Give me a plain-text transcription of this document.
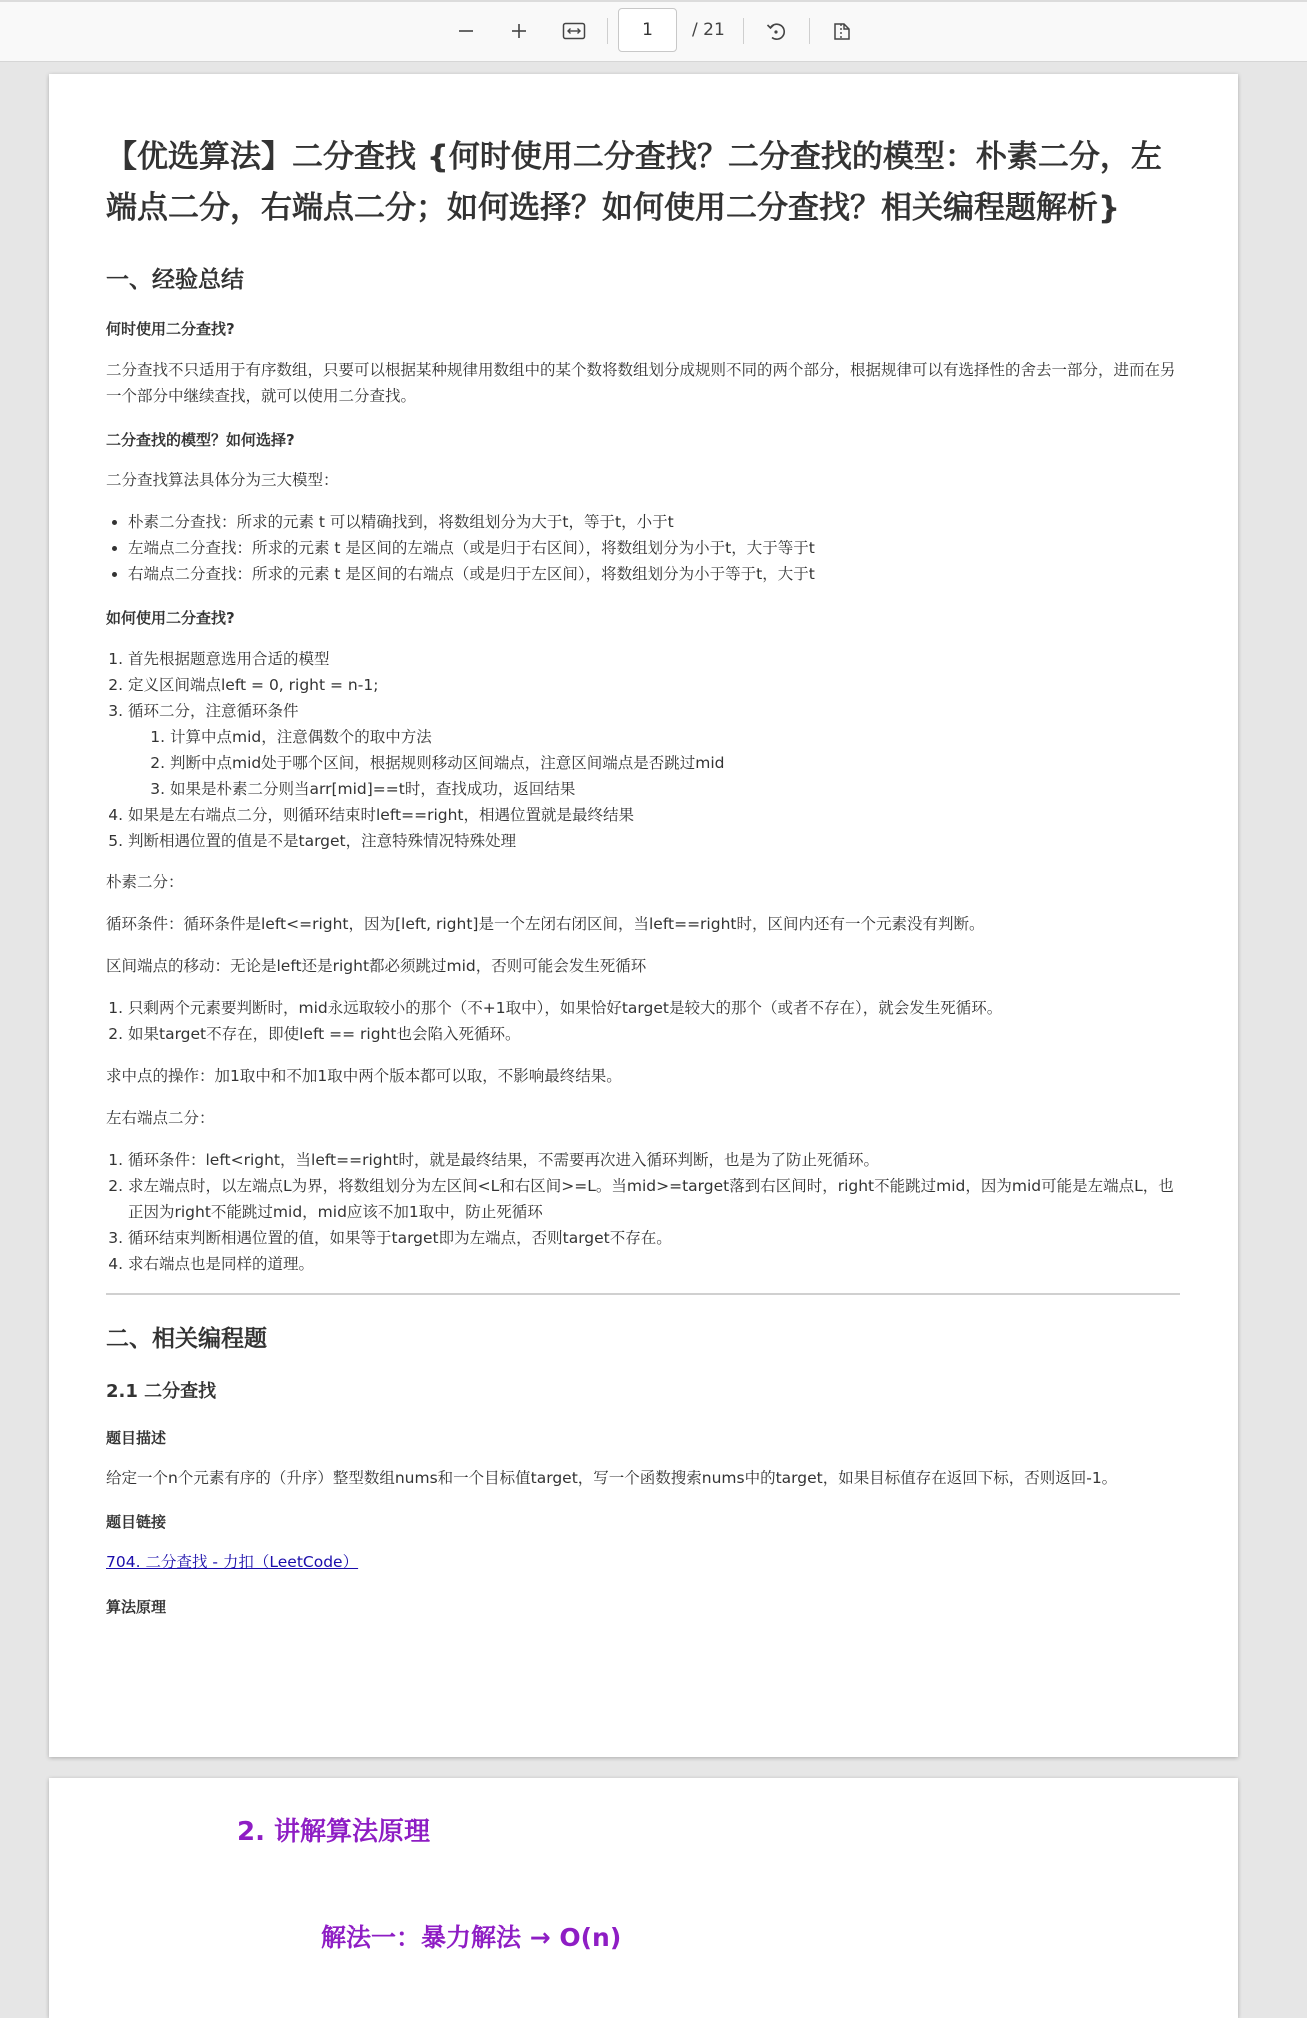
1
/ 21
【优选算法】二分查找 {何时使用二分查找？二分查找的模型：朴素二分，左端点二分，右端点二分；如何选择？如何使用二分查找？相关编程题解析}
一、经验总结
何时使用二分查找?

二分查找不只适用于有序数组，只要可以根据某种规律用数组中的某个数将数组划分成规则不同的两个部分，根据规律可以有选择性的舍去一部分，进而在另一个部分中继续查找，就可以使用二分查找。

二分查找的模型？如何选择?

二分查找算法具体分为三大模型：

• 朴素二分查找：所求的元素 t 可以精确找到，将数组划分为大于t，等于t，小于t
• 左端点二分查找：所求的元素 t 是区间的左端点（或是归于右区间），将数组划分为小于t，大于等于t
• 右端点二分查找：所求的元素 t 是区间的右端点（或是归于左区间），将数组划分为小于等于t，大于t
如何使用二分查找?
1. 首先根据题意选用合适的模型
2. 定义区间端点left = 0, right = n-1;
3. 循环二分，注意循环条件
1. 计算中点mid，注意偶数个的取中方法
2. 判断中点mid处于哪个区间，根据规则移动区间端点，注意区间端点是否跳过mid
3. 如果是朴素二分则当arr[mid]==t时，查找成功，返回结果
4. 如果是左右端点二分，则循环结束时left==right，相遇位置就是最终结果
5. 判断相遇位置的值是不是target，注意特殊情况特殊处理

朴素二分：

循环条件：循环条件是left<=right，因为[left, right]是一个左闭右闭区间，当left==right时，区间内还有一个元素没有判断。

区间端点的移动：无论是left还是right都必须跳过mid，否则可能会发生死循环

1. 只剩两个元素要判断时，mid永远取较小的那个（不+1取中），如果恰好target是较大的那个（或者不存在），就会发生死循环。
2. 如果target不存在，即使left == right也会陷入死循环。

求中点的操作：加1取中和不加1取中两个版本都可以取，不影响最终结果。

左右端点二分：

1. 循环条件：left<right，当left==right时，就是最终结果，不需要再次进入循环判断，也是为了防止死循环。
2. 求左端点时，以左端点L为界，将数组划分为左区间<L和右区间>=L。当mid>=target落到右区间时，right不能跳过mid，因为mid可能是左端点L，也正因为right不能跳过mid，mid应该不加1取中，防止死循环
3. 循环结束判断相遇位置的值，如果等于target即为左端点，否则target不存在。
4. 求右端点也是同样的道理。
二、相关编程题
2.1 二分查找
题目描述

给定一个n个元素有序的（升序）整型数组nums和一个目标值target，写一个函数搜索nums中的target，如果目标值存在返回下标，否则返回-1。

题目链接
704. 二分查找 - 力扣（LeetCode）
算法原理
2. 讲解算法原理
解法一：暴力解法 → O(n)
